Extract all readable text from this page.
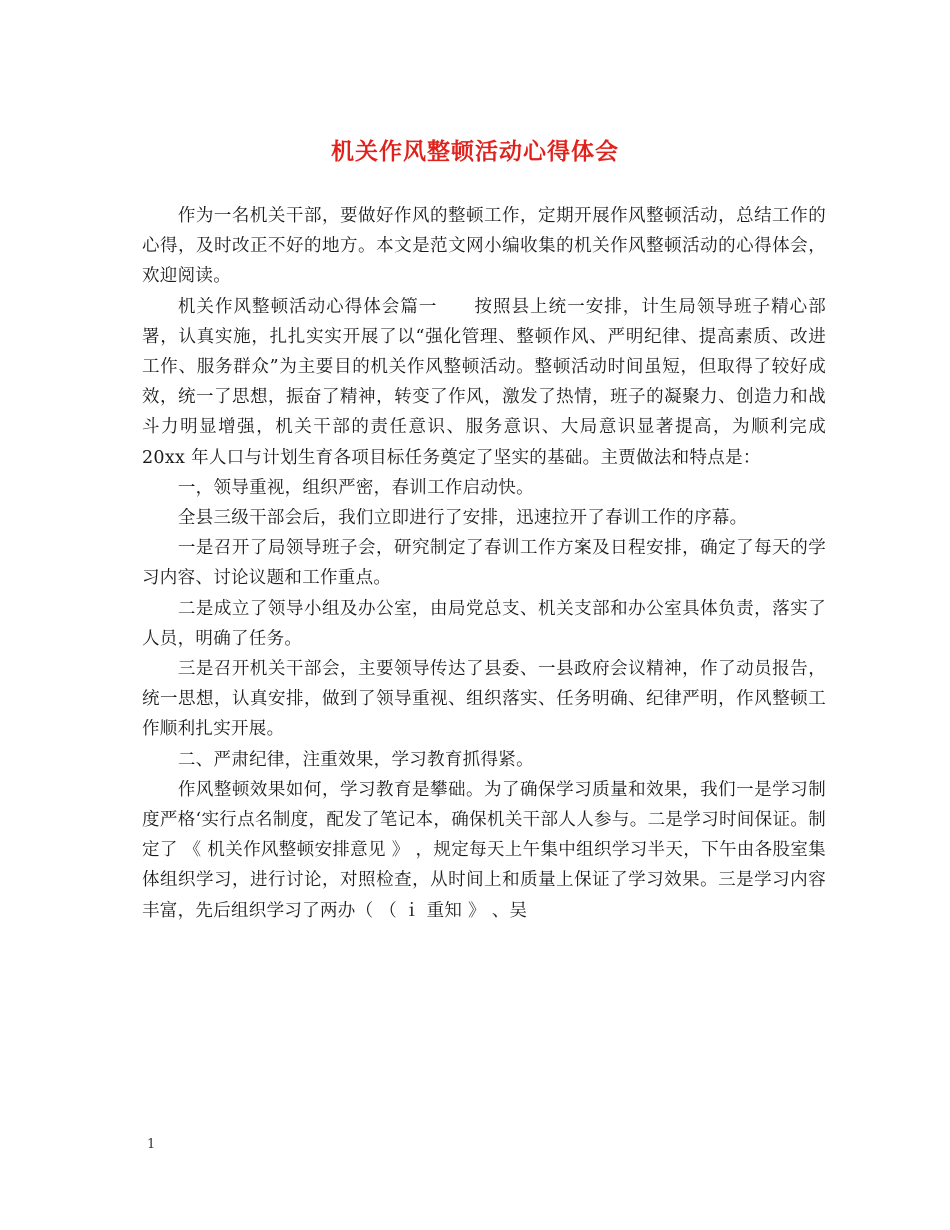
机关作风整顿活动心得体会

作为一名机关干部，要做好作风的整顿工作，定期开展作风整顿活动，总结工作的心得，及时改正不好的地方。本文是范文网小编收集的机关作风整顿活动的心得体会，欢迎阅读。

机关作风整顿活动心得体会篇一　　按照县上统一安排，计生局领导班子精心部署，认真实施，扎扎实实开展了以“强化管理、整顿作风、严明纪律、提高素质、改进工作、服务群众”为主要目的机关作风整顿活动。整顿活动时间虽短，但取得了较好成效，统一了思想，振奋了精神，转变了作风，激发了热情，班子的凝聚力、创造力和战斗力明显增强，机关干部的责任意识、服务意识、大局意识显著提高，为顺利完成 20xx 年人口与计划生育各项目标任务奠定了坚实的基础。主贾做法和特点是：

一，领导重视，组织严密，春训工作启动快。

全县三级干部会后，我们立即进行了安排，迅速拉开了春训工作的序幕。

一是召开了局领导班子会，研究制定了春训工作方案及日程安排，确定了每天的学习内容、讨论议题和工作重点。

二是成立了领导小组及办公室，由局党总支、机关支部和办公室具体负责，落实了人员，明确了任务。

三是召开机关干部会，主要领导传达了县委、一县政府会议精神，作了动员报告，统一思想，认真安排，做到了领导重视、组织落实、任务明确、纪律严明，作风整顿工作顺利扎实开展。

二、严肃纪律，注重效果，学习教育抓得紧。

作风整顿效果如何，学习教育是攀础。为了确保学习质量和效果，我们一是学习制度严格‘实行点名制度，配发了笔记本，确保机关干部人人参与。二是学习时间保证。制定了 《 机关作风整顿安排意见 》 ，规定每天上午集中组织学习半天，下午由各股室集体组织学习，进行讨论，对照检查，从时间上和质量上保证了学习效果。三是学习内容丰富，先后组织学习了两办（ （ ｉ 重知 》 、吴

1
